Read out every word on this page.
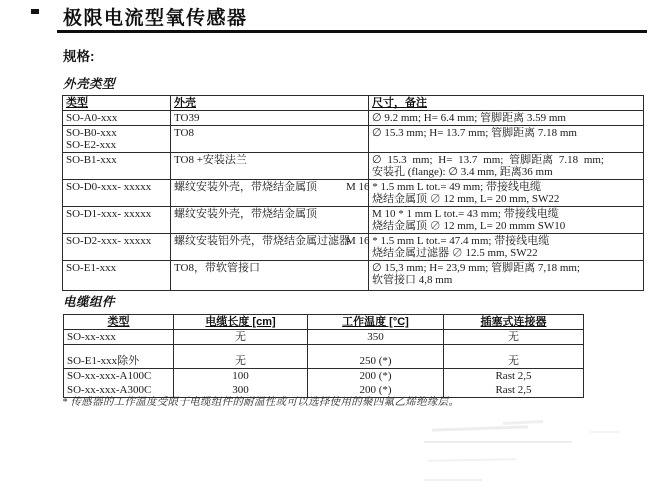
极限电流型氧传感器
规格:
外壳类型
类型	外壳	尺寸，备注
SO-A0-xxx	TO39	∅ 9.2 mm; H= 6.4 mm; 管脚距离 3.59 mm

SO-B0-xxx
SO-E2-xxx	TO8	∅ 15.3 mm; H= 13.7 mm; 管脚距离 7.18 mm
SO-B1-xxx	TO8 +安装法兰	∅ 15.3 mm; H= 13.7 mm; 管脚距离 7.18 mm;
安装孔 (flange): ∅ 3.4 mm, 距离36 mm

SO-D0-xxx- xxxxx	螺纹安装外壳，带烧结金属顶	M 16 * 1.5 mm L tot.= 49 mm; 带接线电缆
烧结金属顶 ∅ 12 mm, L= 20 mm, SW22

SO-D1-xxx- xxxxx	螺纹安装外壳，带烧结金属顶	M 10 * 1 mm L tot.= 43 mm; 带接线电缆
烧结金属顶 ∅ 12 mm, L= 20 mmm SW10

SO-D2-xxx- xxxxx	螺纹安装铝外壳，带烧结金属过滤器	M 16 * 1.5 mm L tot.= 47.4 mm; 带接线电缆
烧结金属过滤器 ∅ 12.5 mm, SW22

SO-E1-xxx	TO8，带软管接口	∅ 15,3 mm; H= 23,9 mm; 管脚距离 7,18 mm;
软管接口 4,8 mm
电缆组件
类型	电缆长度 [cm]	工作温度 [°C]	插塞式连接器
SO-xx-xxx	无	350	无
SO-E1-xxx除外	无	250 (*)	无
SO-xx-xxx-A100C	100	200 (*)	Rast 2,5
SO-xx-xxx-A300C	300	200 (*)	Rast 2,5
* 传感器的工作温度受限于电缆组件的耐温性或可以选择使用的聚四氟乙烯绝缘层。
